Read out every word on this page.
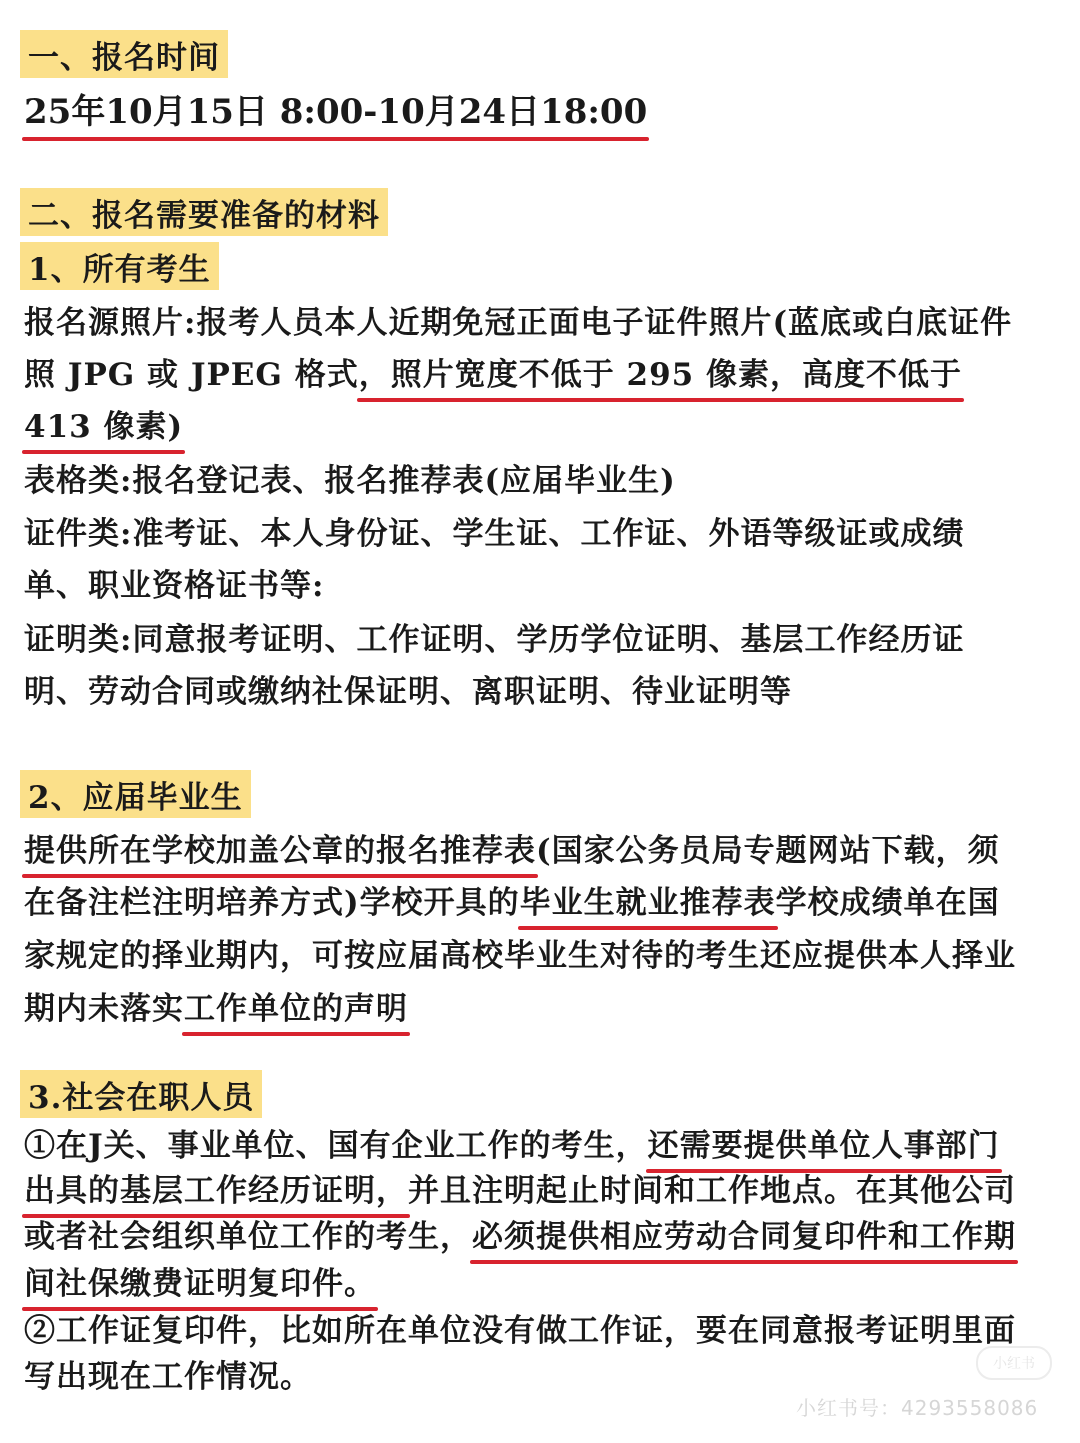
一、报名时间
25年10月15日 8:00-10月24日18:00
二、报名需要准备的材料
1、所有考生
报名源照片:报考人员本人近期免冠正面电子证件照片(蓝底或白底证件
照 JPG 或 JPEG 格式，照片宽度不低于 295 像素，高度不低于
413 像素)
表格类:报名登记表、报名推荐表(应届毕业生)
证件类:准考证、本人身份证、学生证、工作证、外语等级证或成绩
单、职业资格证书等:
证明类:同意报考证明、工作证明、学历学位证明、基层工作经历证
明、劳动合同或缴纳社保证明、离职证明、待业证明等
2、应届毕业生
提供所在学校加盖公章的报名推荐表(国家公务员局专题网站下载，须
在备注栏注明培养方式)学校开具的毕业生就业推荐表学校成绩单在国
家规定的择业期内，可按应届高校毕业生对待的考生还应提供本人择业
期内未落实工作单位的声明
3.社会在职人员
①在J关、事业单位、国有企业工作的考生，还需要提供单位人事部门
出具的基层工作经历证明，并且注明起止时间和工作地点。在其他公司
或者社会组织单位工作的考生，必须提供相应劳动合同复印件和工作期
间社保缴费证明复印件。
②工作证复印件，比如所在单位没有做工作证，要在同意报考证明里面
写出现在工作情况。	小红书
小红书号：4293558086
